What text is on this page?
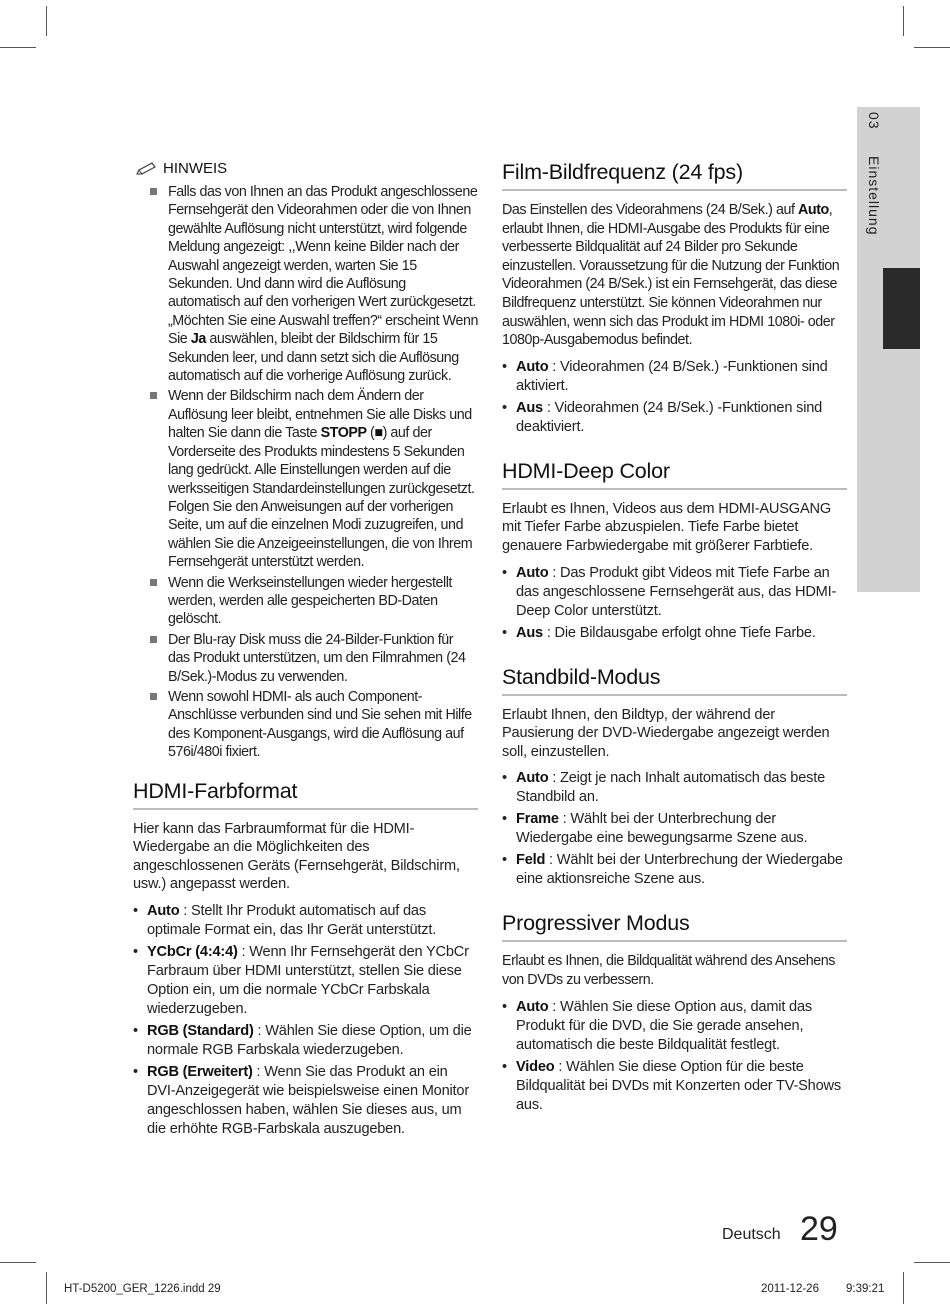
03
Einstellung
HINWEIS
Falls das von Ihnen an das Produkt angeschlossene Fernsehgerät den Videorahmen oder die von Ihnen gewählte Auflösung nicht unterstützt, wird folgende Meldung angezeigt: ,,Wenn keine Bilder nach der Auswahl angezeigt werden, warten Sie 15 Sekunden. Und dann wird die Auflösung automatisch auf den vorherigen Wert zurückgesetzt. „Möchten Sie eine Auswahl treffen?“ erscheint Wenn Sie Ja auswählen, bleibt der Bildschirm für 15 Sekunden leer, und dann setzt sich die Auflösung automatisch auf die vorherige Auflösung zurück.
Wenn der Bildschirm nach dem Ändern der Auflösung leer bleibt, entnehmen Sie alle Disks und halten Sie dann die Taste STOPP (■) auf der Vorderseite des Produkts mindestens 5 Sekunden lang gedrückt. Alle Einstellungen werden auf die werksseitigen Standardeinstellungen zurückgesetzt. Folgen Sie den Anweisungen auf der vorherigen Seite, um auf die einzelnen Modi zuzugreifen, und wählen Sie die Anzeigeeinstellungen, die von Ihrem Fernsehgerät unterstützt werden.
Wenn die Werkseinstellungen wieder hergestellt werden, werden alle gespeicherten BD-Daten gelöscht.
Der Blu-ray Disk muss die 24-Bilder-Funktion für das Produkt unterstützen, um den Filmrahmen (24 B/Sek.)-Modus zu verwenden.
Wenn sowohl HDMI- als auch Component-Anschlüsse verbunden sind und Sie sehen mit Hilfe des Komponent-Ausgangs, wird die Auflösung auf 576i/480i fixiert.
HDMI-Farbformat

Hier kann das Farbraumformat für die HDMI-Wiedergabe an die Möglichkeiten des angeschlossenen Geräts (Fernsehgerät, Bildschirm, usw.) angepasst werden.

• Auto : Stellt Ihr Produkt automatisch auf das optimale Format ein, das Ihr Gerät unterstützt.
• YCbCr (4:4:4) : Wenn Ihr Fernsehgerät den YCbCr Farbraum über HDMI unterstützt, stellen Sie diese Option ein, um die normale YCbCr Farbskala wiederzugeben.
• RGB (Standard) : Wählen Sie diese Option, um die normale RGB Farbskala wiederzugeben.
• RGB (Erweitert) : Wenn Sie das Produkt an ein DVI-Anzeigegerät wie beispielsweise einen Monitor angeschlossen haben, wählen Sie dieses aus, um die erhöhte RGB-Farbskala auszugeben.
Film-Bildfrequenz (24 fps)

Das Einstellen des Videorahmens (24 B/Sek.) auf Auto, erlaubt Ihnen, die HDMI-Ausgabe des Produkts für eine verbesserte Bildqualität auf 24 Bilder pro Sekunde einzustellen. Voraussetzung für die Nutzung der Funktion Videorahmen (24 B/Sek.) ist ein Fernsehgerät, das diese Bildfrequenz unterstützt. Sie können Videorahmen nur auswählen, wenn sich das Produkt im HDMI 1080i- oder 1080p-Ausgabemodus befindet.

• Auto : Videorahmen (24 B/Sek.) -Funktionen sind aktiviert.
• Aus : Videorahmen (24 B/Sek.) -Funktionen sind deaktiviert.
HDMI-Deep Color

Erlaubt es Ihnen, Videos aus dem HDMI-AUSGANG mit Tiefer Farbe abzuspielen. Tiefe Farbe bietet genauere Farbwiedergabe mit größerer Farbtiefe.

• Auto : Das Produkt gibt Videos mit Tiefe Farbe an das angeschlossene Fernsehgerät aus, das HDMI- Deep Color unterstützt.
• Aus : Die Bildausgabe erfolgt ohne Tiefe Farbe.
Standbild-Modus

Erlaubt Ihnen, den Bildtyp, der während der Pausierung der DVD-Wiedergabe angezeigt werden soll, einzustellen.

• Auto : Zeigt je nach Inhalt automatisch das beste Standbild an.
• Frame : Wählt bei der Unterbrechung der Wiedergabe eine bewegungsarme Szene aus.
• Feld : Wählt bei der Unterbrechung der Wiedergabe eine aktionsreiche Szene aus.
Progressiver Modus

Erlaubt es Ihnen, die Bildqualität während des Ansehens von DVDs zu verbessern.

• Auto : Wählen Sie diese Option aus, damit das Produkt für die DVD, die Sie gerade ansehen, automatisch die beste Bildqualität festlegt.
• Video : Wählen Sie diese Option für die beste Bildqualität bei DVDs mit Konzerten oder TV-Shows aus.
Deutsch 29
HT-D5200_GER_1226.indd 29	2011-12-26 9:39:21
